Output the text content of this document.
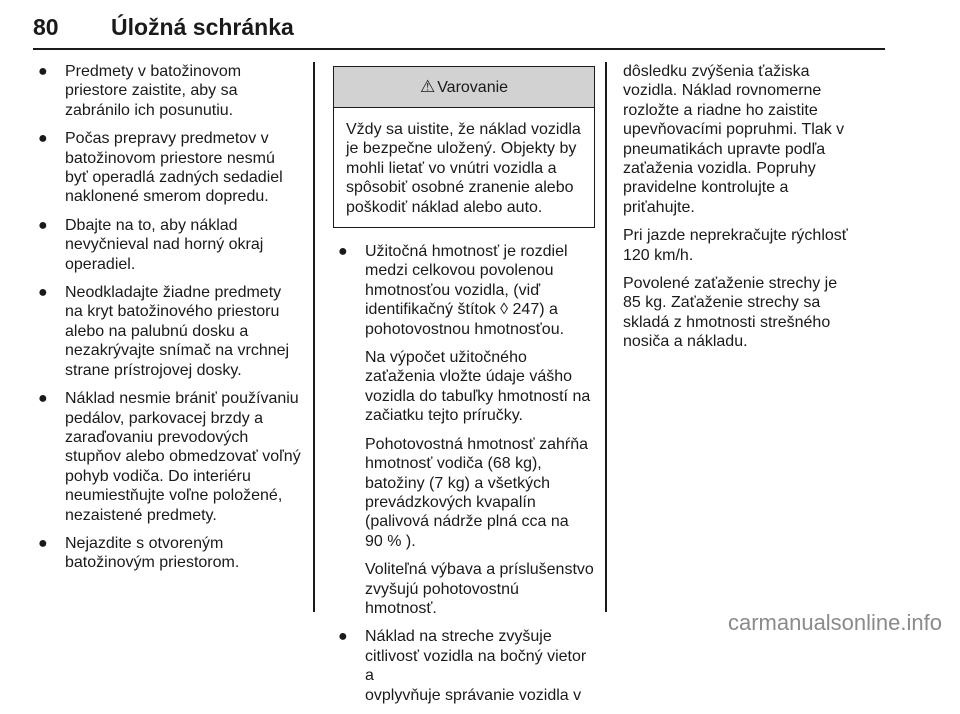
80 Úložná schránka
● Predmety v batožinovom
priestore zaistite, aby sa
zabránilo ich posunutiu.
● Počas prepravy predmetov v
batožinovom priestore nesmú
byť operadlá zadných sedadiel
naklonené smerom dopredu.
● Dbajte na to, aby náklad
nevyčnieval nad horný okraj
operadiel.
● Neodkladajte žiadne predmety
na kryt batožinového priestoru
alebo na palubnú dosku a
nezakrývajte snímač na vrchnej
strane prístrojovej dosky.
● Náklad nesmie brániť používaniu
pedálov, parkovacej brzdy a
zaraďovaniu prevodových
stupňov alebo obmedzovať voľný
pohyb vodiča. Do interiéru
neumiestňujte voľne položené,
nezaistené predmety.
● Nejazdite s otvoreným
batožinovým priestorom.
⚠ Varovanie

Vždy sa uistite, že náklad vozidla
je bezpečne uložený. Objekty by
mohli lietať vo vnútri vozidla a
spôsobiť osobné zranenie alebo
poškodiť náklad alebo auto.

● Užitočná hmotnosť je rozdiel
medzi celkovou povolenou
hmotnosťou vozidla, (viď
identifikačný štítok ◊ 247) a
pohotovostnou hmotnosťou.

Na výpočet užitočného
zaťaženia vložte údaje vášho
vozidla do tabuľky hmotností na
začiatku tejto príručky.

Pohotovostná hmotnosť zahŕňa
hmotnosť vodiča (68 kg),
batožiny (7 kg) a všetkých
prevádzkových kvapalín
(palivová nádrže plná cca na
90 % ).

Voliteľná výbava a príslušenstvo
zvyšujú pohotovostnú hmotnosť.

● Náklad na streche zvyšuje
citlivosť vozidla na bočný vietor a
ovplyvňuje správanie vozidla v

dôsledku zvýšenia ťažiska
vozidla. Náklad rovnomerne
rozložte a riadne ho zaistite
upevňovacími popruhmi. Tlak v
pneumatikách upravte podľa
zaťaženia vozidla. Popruhy
pravidelne kontrolujte a
priťahujte.

Pri jazde neprekračujte rýchlosť
120 km/h.

Povolené zaťaženie strechy je
85 kg. Zaťaženie strechy sa
skladá z hmotnosti strešného
nosiča a nákladu.

carmanualsonline.info
